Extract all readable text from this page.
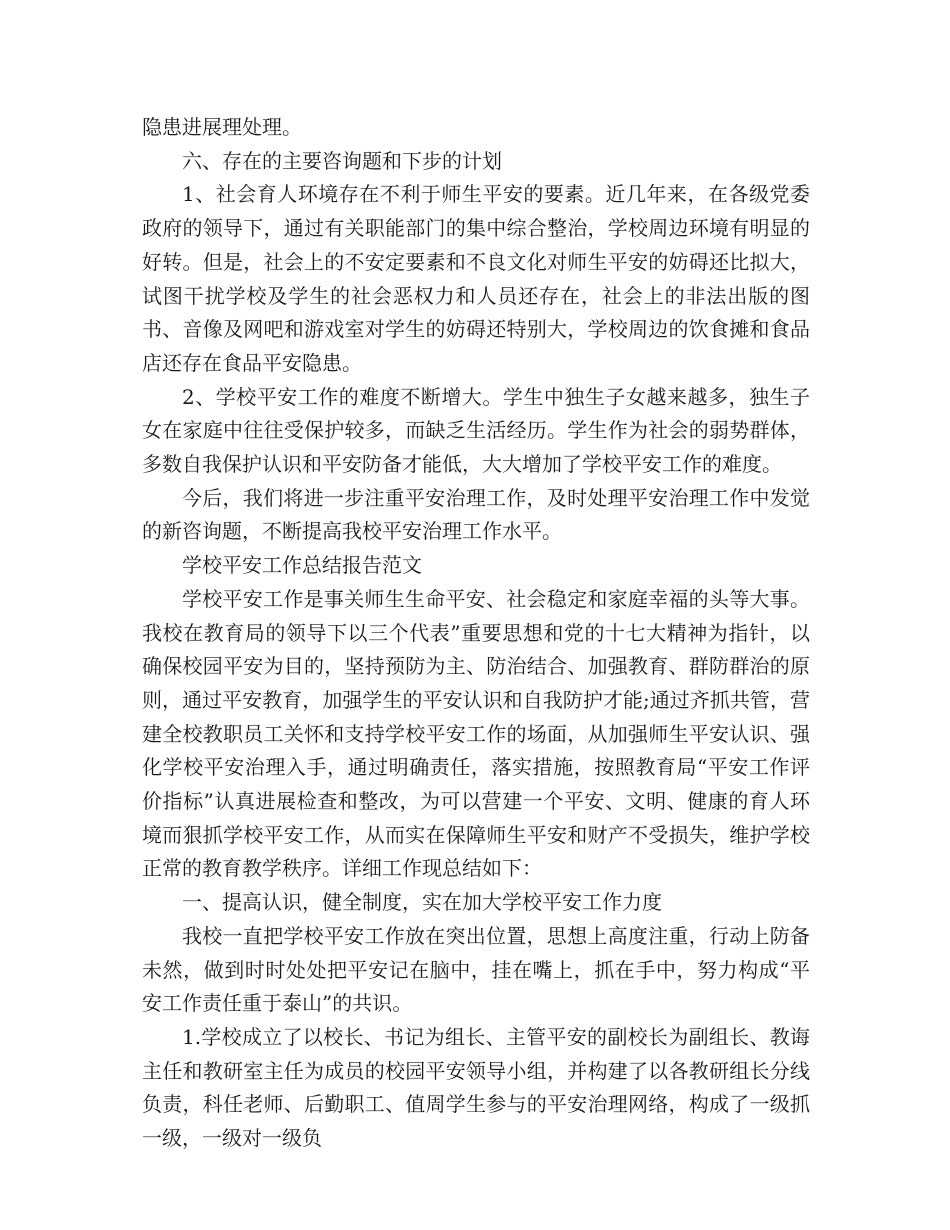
隐患进展理处理。

六、存在的主要咨询题和下步的计划

1、社会育人环境存在不利于师生平安的要素。近几年来，在各级党委政府的领导下，通过有关职能部门的集中综合整治，学校周边环境有明显的好转。但是，社会上的不安定要素和不良文化对师生平安的妨碍还比拟大，试图干扰学校及学生的社会恶权力和人员还存在，社会上的非法出版的图书、音像及网吧和游戏室对学生的妨碍还特别大，学校周边的饮食摊和食品店还存在食品平安隐患。

2、学校平安工作的难度不断增大。学生中独生子女越来越多，独生子女在家庭中往往受保护较多，而缺乏生活经历。学生作为社会的弱势群体，多数自我保护认识和平安防备才能低，大大增加了学校平安工作的难度。

今后，我们将进一步注重平安治理工作，及时处理平安治理工作中发觉的新咨询题，不断提高我校平安治理工作水平。

学校平安工作总结报告范文

学校平安工作是事关师生生命平安、社会稳定和家庭幸福的头等大事。我校在教育局的领导下以三个代表”重要思想和党的十七大精神为指针，以确保校园平安为目的，坚持预防为主、防治结合、加强教育、群防群治的原则，通过平安教育，加强学生的平安认识和自我防护才能;通过齐抓共管，营建全校教职员工关怀和支持学校平安工作的场面，从加强师生平安认识、强化学校平安治理入手，通过明确责任，落实措施，按照教育局“平安工作评价指标”认真进展检查和整改，为可以营建一个平安、文明、健康的育人环境而狠抓学校平安工作，从而实在保障师生平安和财产不受损失，维护学校正常的教育教学秩序。详细工作现总结如下：

一、提高认识，健全制度，实在加大学校平安工作力度

我校一直把学校平安工作放在突出位置，思想上高度注重，行动上防备未然，做到时时处处把平安记在脑中，挂在嘴上，抓在手中，努力构成“平安工作责任重于泰山”的共识。

1.学校成立了以校长、书记为组长、主管平安的副校长为副组长、教诲主任和教研室主任为成员的校园平安领导小组，并构建了以各教研组长分线负责，科任老师、后勤职工、值周学生参与的平安治理网络，构成了一级抓一级，一级对一级负
